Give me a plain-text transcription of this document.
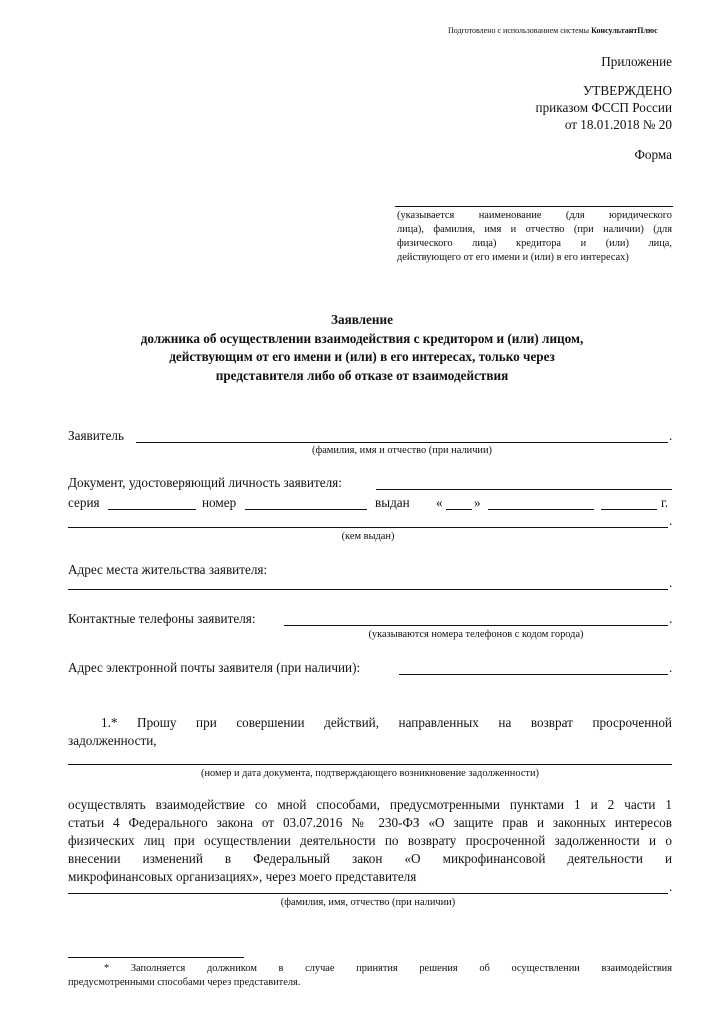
Подготовлено с использованием системы КонсультантПлюс
Приложение
УТВЕРЖДЕНО
приказом ФССП России
от 18.01.2018 № 20
Форма
(указывается наименование (для юридического
лица), фамилия, имя и отчество (при наличии) (для
физического лица) кредитора и (или) лица,
действующего от его имени и (или) в его интересах)
Заявление
должника об осуществлении взаимодействия с кредитором и (или) лицом,
действующим от его имени и (или) в его интересах, только через
представителя либо об отказе от взаимодействия
Заявитель	.
(фамилия, имя и отчество (при наличии)
Документ, удостоверяющий личность заявителя:
серия	номер	выдан « »	г.
.
(кем выдан)
Адрес места жительства заявителя:
.
Контактные телефоны заявителя:	.
(указываются номера телефонов с кодом города)
Адрес электронной почты заявителя (при наличии):	.
1.* Прошу при совершении действий, направленных на возврат просроченной
задолженности,
(номер и дата документа, подтверждающего возникновение задолженности)
осуществлять взаимодействие со мной способами, предусмотренными пунктами 1 и 2 части 1
статьи 4 Федерального закона от 03.07.2016 № 230-ФЗ «О защите прав и законных интересов
физических лиц при осуществлении деятельности по возврату просроченной задолженности и о
внесении изменений в Федеральный закон «О микрофинансовой деятельности и
микрофинансовых организациях», через моего представителя
.
(фамилия, имя, отчество (при наличии)
* Заполняется должником в случае принятия решения об осуществлении взаимодействия
предусмотренными способами через представителя.
